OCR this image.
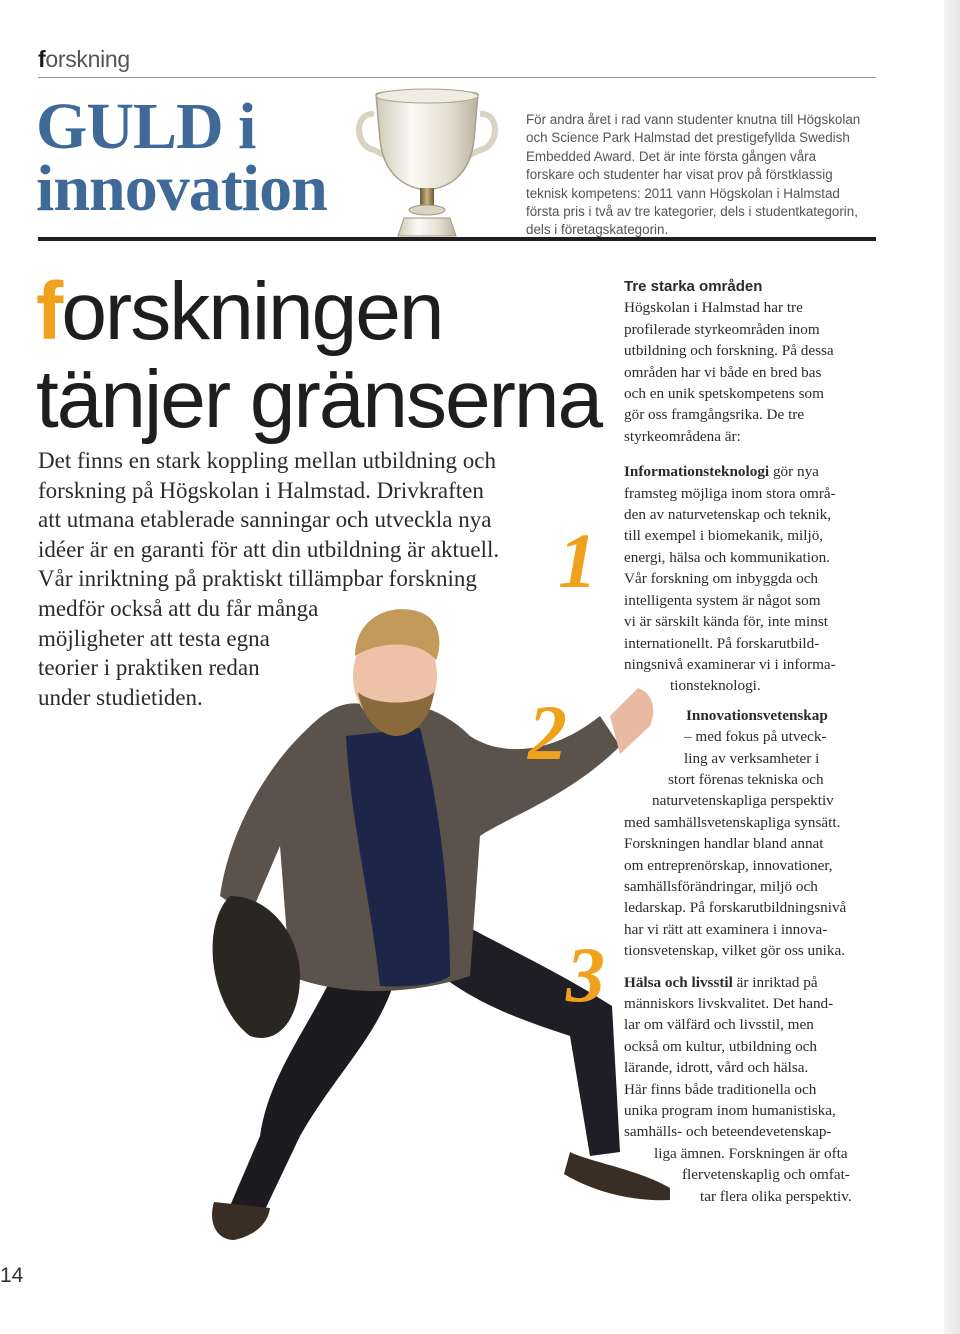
forskning
GULD i
innovation

För andra året i rad vann studenter knutna till Högskolan och Science Park Halmstad det prestigefyllda Swedish Embedded Award. Det är inte första gången våra forskare och studenter har visat prov på förstklassig teknisk kompetens: 2011 vann Högskolan i Halmstad första pris i två av tre kategorier, dels i studentkategorin, dels i företagskategorin.

forskningen
tänjer gränserna

Det finns en stark koppling mellan utbildning och
forskning på Högskolan i Halmstad. Drivkraften
att utmana etablerade sanningar och utveckla nya
idéer är en garanti för att din utbildning är aktuell.
Vår inriktning på praktiskt tillämpbar forskning
medför också att du får många
möjligheter att testa egna
teorier i praktiken redan
under studietiden.

1
2
3

Tre starka områden
Högskolan i Halmstad har tre
profilerade styrkeområden inom
utbildning och forskning. På dessa
områden har vi både en bred bas
och en unik spetskompetens som
gör oss framgångsrika. De tre
styrkeområdena är:

Informationsteknologi gör nya
framsteg möjliga inom stora områ-
den av naturvetenskap och teknik,
till exempel i biomekanik, miljö,
energi, hälsa och kommunikation.
Vår forskning om inbyggda och
intelligenta system är något som
vi är särskilt kända för, inte minst
internationellt. På forskarutbild-
ningsnivå examinerar vi i informa-
tionsteknologi.

Innovationsvetenskap
– med fokus på utveck-
ling av verksamheter i
stort förenas tekniska och
naturvetenskapliga perspektiv
med samhällsvetenskapliga synsätt.
Forskningen handlar bland annat
om entreprenörskap, innovationer,
samhällsförändringar, miljö och
ledarskap. På forskarutbildningsnivå
har vi rätt att examinera i innova-
tionsvetenskap, vilket gör oss unika.

Hälsa och livsstil är inriktad på
människors livskvalitet. Det hand-
lar om välfärd och livsstil, men
också om kultur, utbildning och
lärande, idrott, vård och hälsa.
Här finns både traditionella och
unika program inom humanistiska,
samhälls- och beteendevetenskap-
liga ämnen. Forskningen är ofta
flervetenskaplig och omfat-
tar flera olika perspektiv.

14
